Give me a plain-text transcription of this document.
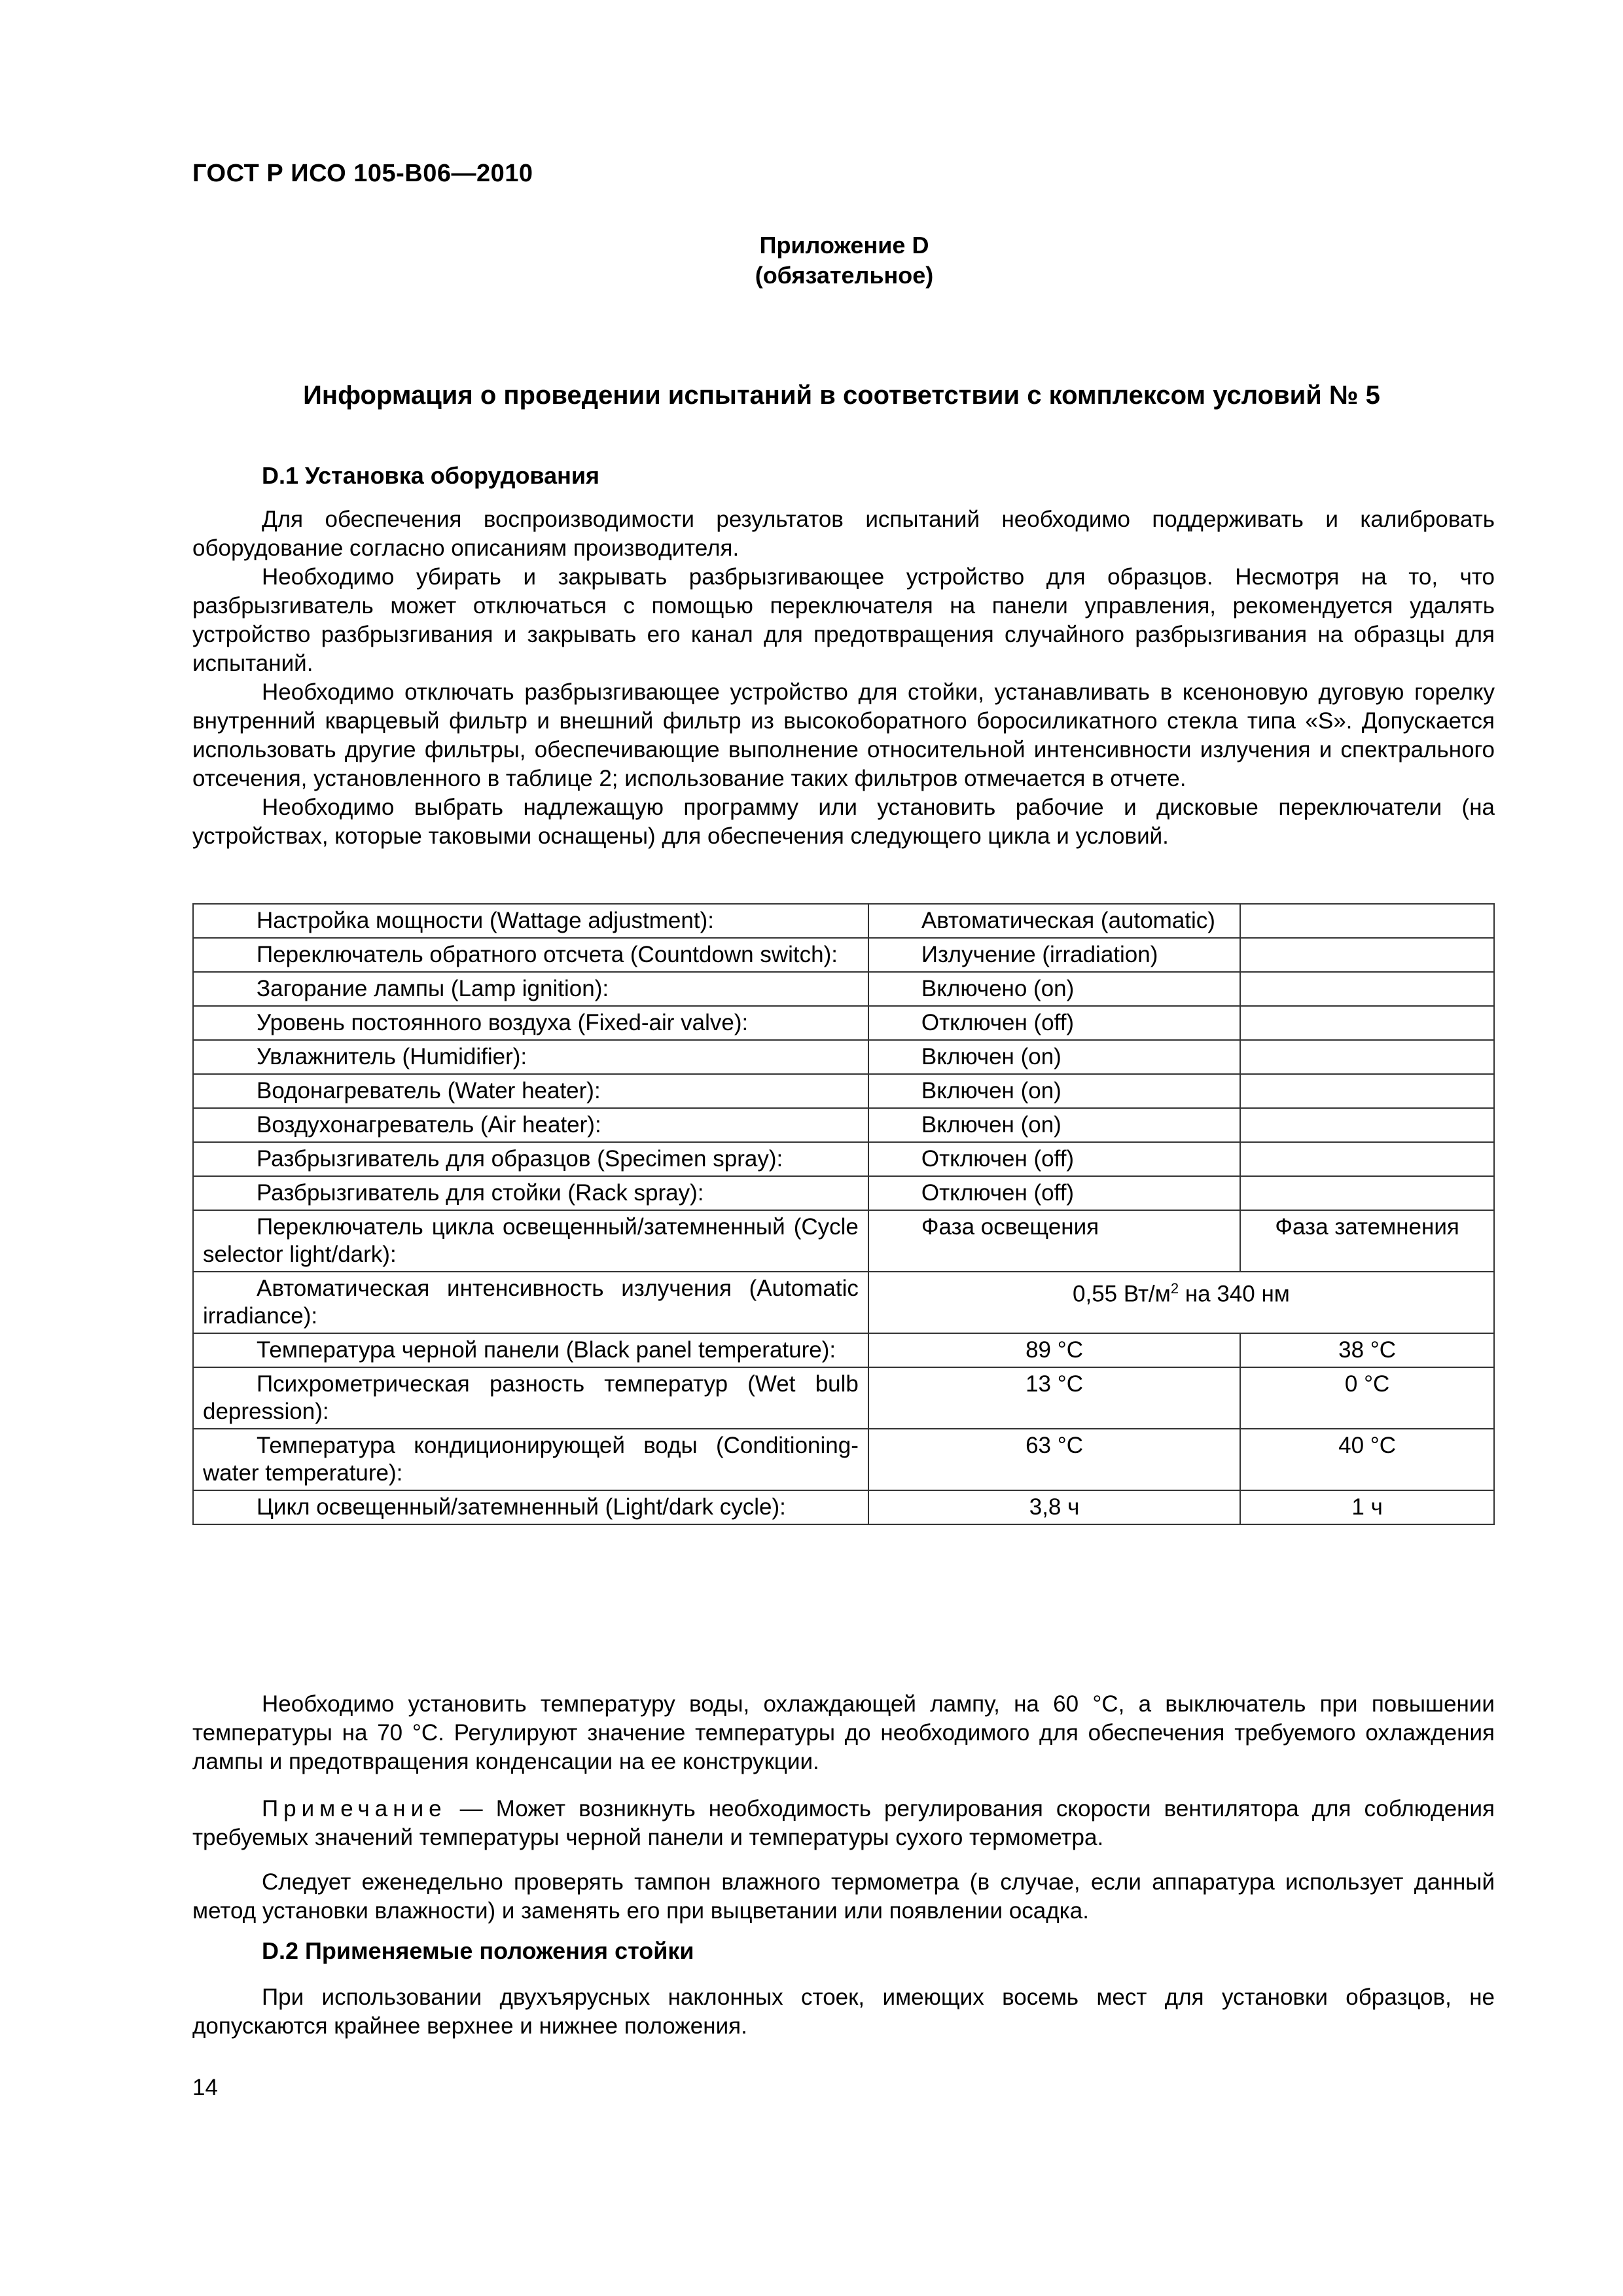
ГОСТ Р ИСО 105-B06—2010
Приложение D
(обязательное)
Информация о проведении испытаний в соответствии с комплексом условий № 5
D.1 Установка оборудования
Для обеспечения воспроизводимости результатов испытаний необходимо поддерживать и калибровать оборудование согласно описаниям производителя.
Необходимо убирать и закрывать разбрызгивающее устройство для образцов. Несмотря на то, что разбрызгиватель может отключаться с помощью переключателя на панели управления, рекомендуется удалять устройство разбрызгивания и закрывать его канал для предотвращения случайного разбрызгивания на образцы для испытаний.
Необходимо отключать разбрызгивающее устройство для стойки, устанавливать в ксеноновую дуговую горелку внутренний кварцевый фильтр и внешний фильтр из высокоборатного боросиликатного стекла типа «S». Допускается использовать другие фильтры, обеспечивающие выполнение относительной интенсивности излучения и спектрального отсечения, установленного в таблице 2; использование таких фильтров отмечается в отчете.
Необходимо выбрать надлежащую программу или установить рабочие и дисковые переключатели (на устройствах, которые таковыми оснащены) для обеспечения следующего цикла и условий.
Настройка мощности (Wattage adjustment):	Автоматическая (automatic)	
Переключатель обратного отсчета (Countdown switch):	Излучение (irradiation)	
Загорание лампы (Lamp ignition):	Включено (on)	
Уровень постоянного воздуха (Fixed-air valve):	Отключен (off)	
Увлажнитель (Humidifier):	Включен (on)	
Водонагреватель (Water heater):	Включен (on)	
Воздухонагреватель (Air heater):	Включен (on)	
Разбрызгиватель для образцов (Specimen spray):	Отключен (off)	
Разбрызгиватель для стойки (Rack spray):	Отключен (off)	
Переключатель цикла освещенный/затемненный (Cycle selector light/dark):	Фаза освещения	Фаза затемнения
Автоматическая интенсивность излучения (Automatic irradiance):	0,55 $Вт/м^2$ на 340 нм	
Температура черной панели (Black panel temperature):	89 °С	38 °С
Психрометрическая разность температур (Wet bulb depression):	13 °С	0 °С
Температура кондиционирующей воды (Conditioning-water temperature):	63 °С	40 °С
Цикл освещенный/затемненный (Light/dark cycle):	3,8 ч	1 ч
Необходимо установить температуру воды, охлаждающей лампу, на 60 °С, а выключатель при повышении температуры на 70 °С. Регулируют значение температуры до необходимого для обеспечения требуемого охлаждения лампы и предотвращения конденсации на ее конструкции.
Примечание — Может возникнуть необходимость регулирования скорости вентилятора для соблюдения требуемых значений температуры черной панели и температуры сухого термометра.
Следует еженедельно проверять тампон влажного термометра (в случае, если аппаратура использует данный метод установки влажности) и заменять его при выцветании или появлении осадка.
D.2 Применяемые положения стойки
При использовании двухъярусных наклонных стоек, имеющих восемь мест для установки образцов, не допускаются крайнее верхнее и нижнее положения.
14
